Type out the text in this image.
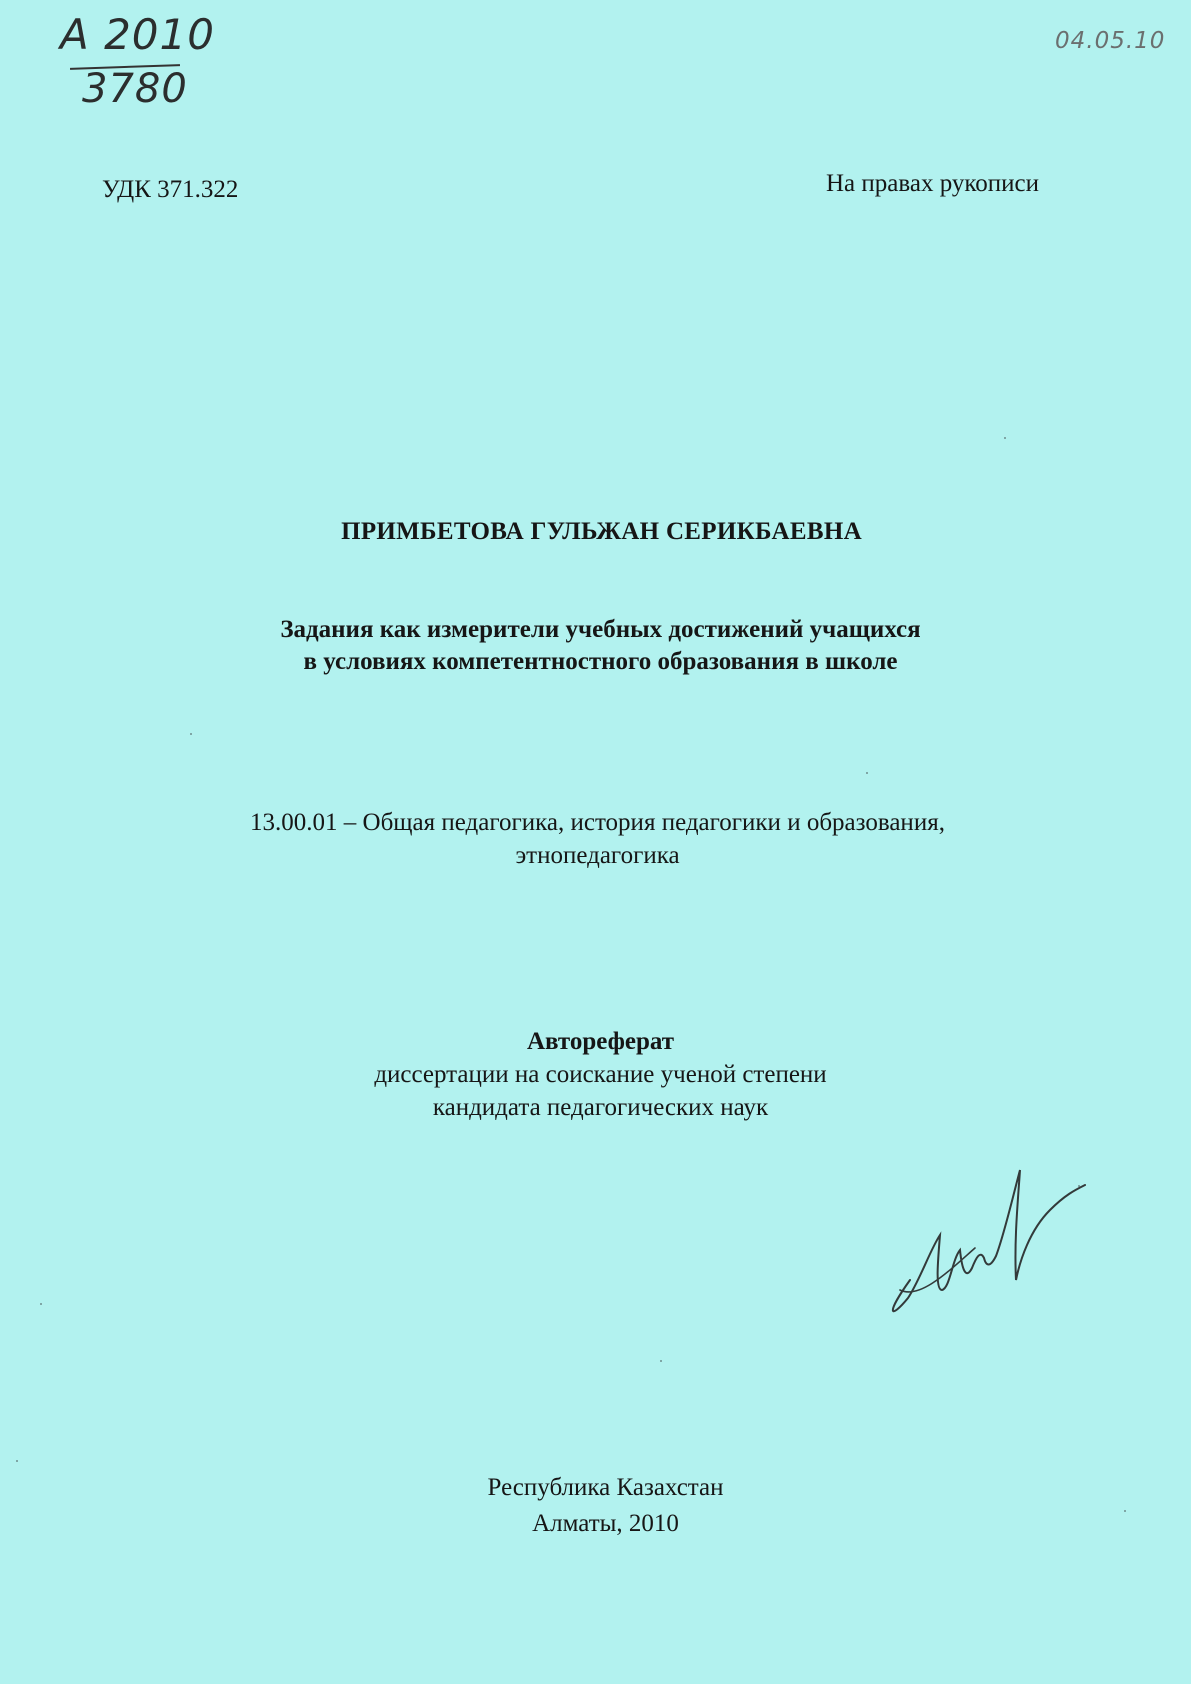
А 2010
3780
04.05.10
УДК 371.322	На правах рукописи
ПРИМБЕТОВА ГУЛЬЖАН СЕРИКБАЕВНА
Задания как измерители учебных достижений учащихся
в условиях компетентностного образования в школе
13.00.01 – Общая педагогика, история педагогики и образования,
этнопедагогика
Автореферат
диссертации на соискание ученой степени
кандидата педагогических наук
Республика Казахстан
Алматы, 2010
